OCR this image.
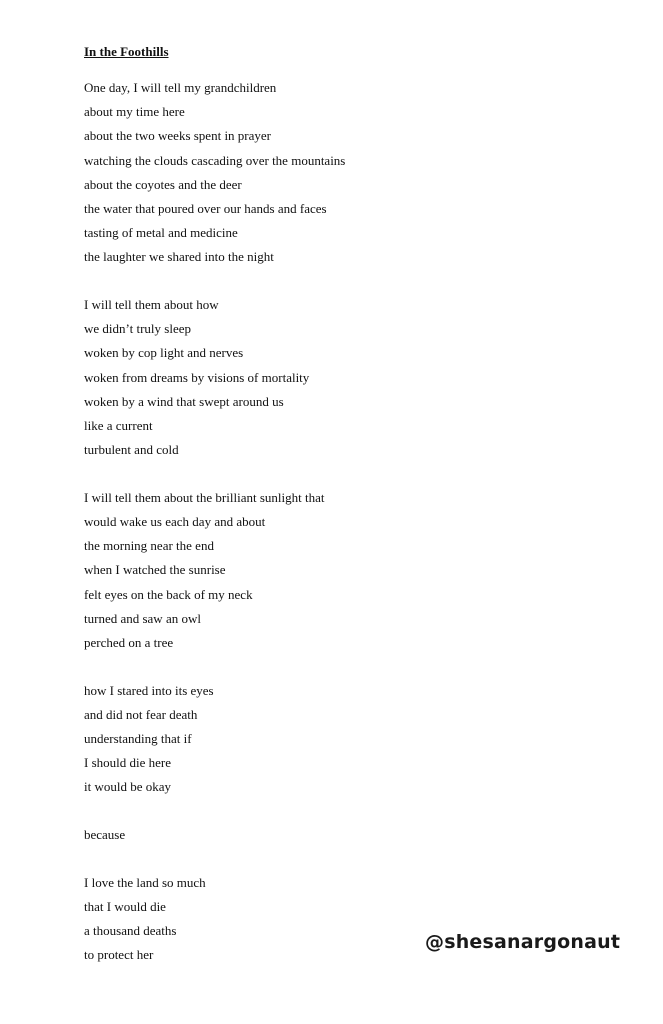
In the Foothills
One day, I will tell my grandchildren
about my time here
about the two weeks spent in prayer
watching the clouds cascading over the mountains
about the coyotes and the deer
the water that poured over our hands and faces
tasting of metal and medicine
the laughter we shared into the night
I will tell them about how
we didn’t truly sleep
woken by cop light and nerves
woken from dreams by visions of mortality
woken by a wind that swept around us
like a current
turbulent and cold
I will tell them about the brilliant sunlight that
would wake us each day and about
the morning near the end
when I watched the sunrise
felt eyes on the back of my neck
turned and saw an owl
perched on a tree
how I stared into its eyes
and did not fear death
understanding that if
I should die here
it would be okay
because
I love the land so much
that I would die
a thousand deaths
to protect her
@shesanargonaut
